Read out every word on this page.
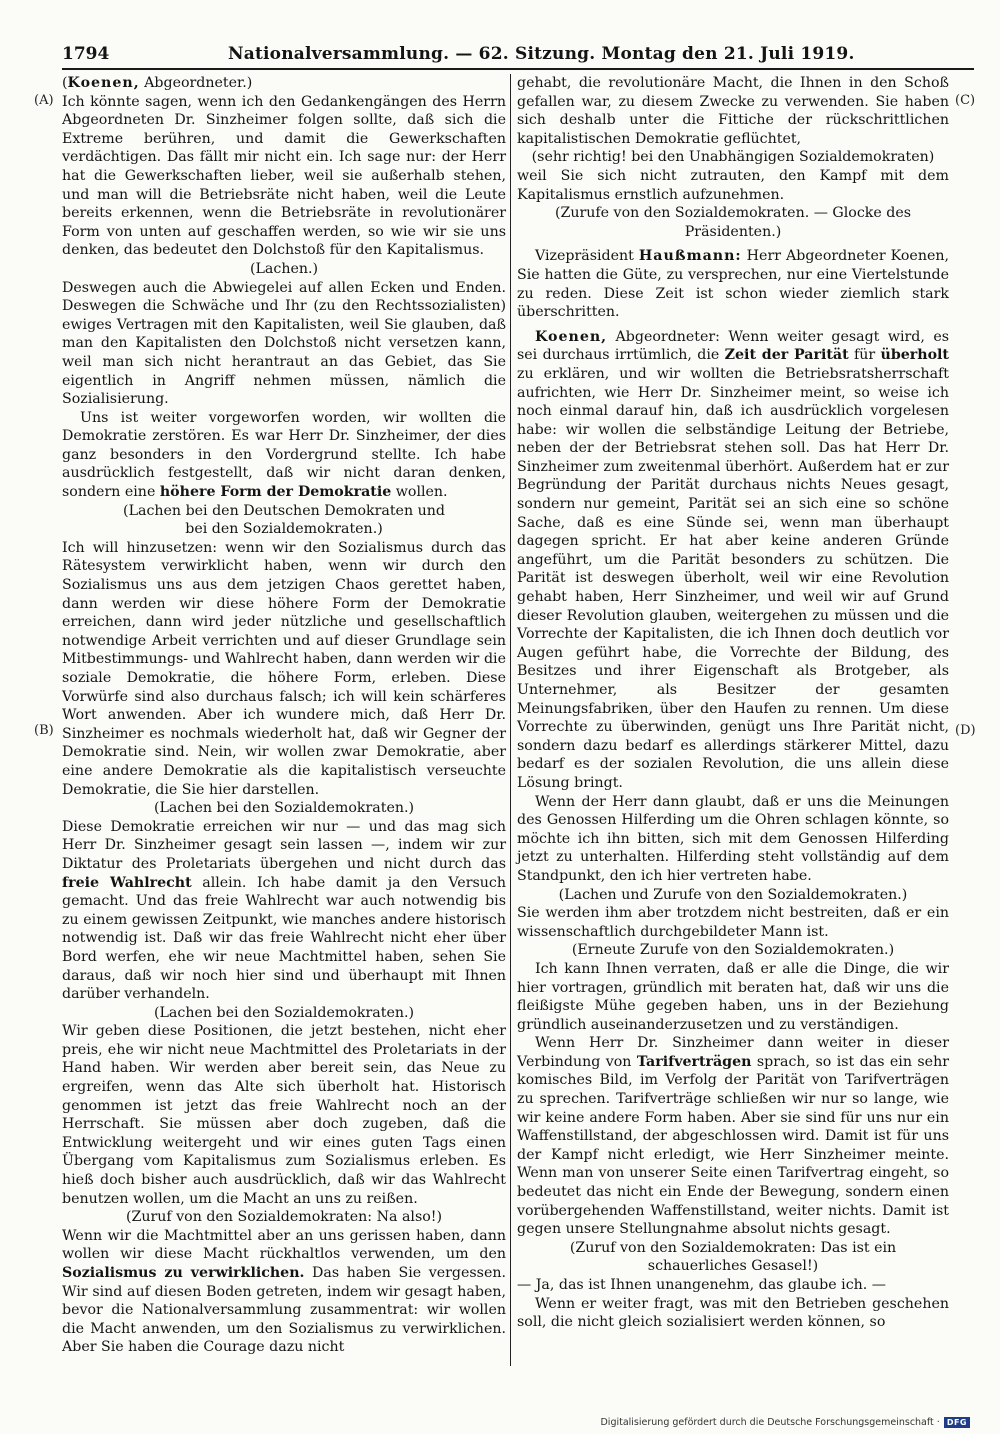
1794	Nationalversammlung. — 62. Sitzung. Montag den 21. Juli 1919.
(A)
(B)
(C)
(D)

(Koenen, Abgeordneter.)

Ich könnte sagen, wenn ich den Gedankengängen des Herrn Abgeordneten Dr. Sinzheimer folgen sollte, daß sich die Extreme berühren, und damit die Gewerkschaften verdächtigen. Das fällt mir nicht ein. Ich sage nur: der Herr hat die Gewerkschaften lieber, weil sie außerhalb stehen, und man will die Betriebsräte nicht haben, weil die Leute bereits erkennen, wenn die Betriebsräte in revolutionärer Form von unten auf geschaffen werden, so wie wir sie uns denken, das bedeutet den Dolchstoß für den Kapitalismus.

(Lachen.)

Deswegen auch die Abwiegelei auf allen Ecken und Enden. Deswegen die Schwäche und Ihr (zu den Rechtssozialisten) ewiges Vertragen mit den Kapitalisten, weil Sie glauben, daß man den Kapitalisten den Dolchstoß nicht versetzen kann, weil man sich nicht herantraut an das Gebiet, das Sie eigentlich in Angriff nehmen müssen, nämlich die Sozialisierung.

Uns ist weiter vorgeworfen worden, wir wollten die Demokratie zerstören. Es war Herr Dr. Sinzheimer, der dies ganz besonders in den Vordergrund stellte. Ich habe ausdrücklich festgestellt, daß wir nicht daran denken, sondern eine höhere Form der Demokratie wollen.

(Lachen bei den Deutschen Demokraten und

bei den Sozialdemokraten.)

Ich will hinzusetzen: wenn wir den Sozialismus durch das Rätesystem verwirklicht haben, wenn wir durch den Sozialismus uns aus dem jetzigen Chaos gerettet haben, dann werden wir diese höhere Form der Demokratie erreichen, dann wird jeder nützliche und gesellschaftlich notwendige Arbeit verrichten und auf dieser Grundlage sein Mitbestimmungs- und Wahlrecht haben, dann werden wir die soziale Demokratie, die höhere Form, erleben. Diese Vorwürfe sind also durchaus falsch; ich will kein schärferes Wort anwenden. Aber ich wundere mich, daß Herr Dr. Sinzheimer es nochmals wiederholt hat, daß wir Gegner der Demokratie sind. Nein, wir wollen zwar Demokratie, aber eine andere Demokratie als die kapitalistisch verseuchte Demokratie, die Sie hier darstellen.

(Lachen bei den Sozialdemokraten.)

Diese Demokratie erreichen wir nur — und das mag sich Herr Dr. Sinzheimer gesagt sein lassen —, indem wir zur Diktatur des Proletariats übergehen und nicht durch das freie Wahlrecht allein. Ich habe damit ja den Versuch gemacht. Und das freie Wahlrecht war auch notwendig bis zu einem gewissen Zeitpunkt, wie manches andere historisch notwendig ist. Daß wir das freie Wahlrecht nicht eher über Bord werfen, ehe wir neue Machtmittel haben, sehen Sie daraus, daß wir noch hier sind und überhaupt mit Ihnen darüber verhandeln.

(Lachen bei den Sozialdemokraten.)

Wir geben diese Positionen, die jetzt bestehen, nicht eher preis, ehe wir nicht neue Machtmittel des Proletariats in der Hand haben. Wir werden aber bereit sein, das Neue zu ergreifen, wenn das Alte sich überholt hat. Historisch genommen ist jetzt das freie Wahlrecht noch an der Herrschaft. Sie müssen aber doch zugeben, daß die Entwicklung weitergeht und wir eines guten Tags einen Übergang vom Kapitalismus zum Sozialismus erleben. Es hieß doch bisher auch ausdrücklich, daß wir das Wahlrecht benutzen wollen, um die Macht an uns zu reißen.

(Zuruf von den Sozialdemokraten: Na also!)

Wenn wir die Machtmittel aber an uns gerissen haben, dann wollen wir diese Macht rückhaltlos verwenden, um den Sozialismus zu verwirklichen. Das haben Sie vergessen. Wir sind auf diesen Boden getreten, indem wir gesagt haben, bevor die Nationalversammlung zusammentrat: wir wollen die Macht anwenden, um den Sozialismus zu verwirklichen. Aber Sie haben die Courage dazu nicht

gehabt, die revolutionäre Macht, die Ihnen in den Schoß gefallen war, zu diesem Zwecke zu verwenden. Sie haben sich deshalb unter die Fittiche der rückschrittlichen kapitalistischen Demokratie geflüchtet,

(sehr richtig! bei den Unabhängigen Sozialdemokraten)

weil Sie sich nicht zutrauten, den Kampf mit dem Kapitalismus ernstlich aufzunehmen.

(Zurufe von den Sozialdemokraten. — Glocke des

Präsidenten.)

Vizepräsident Haußmann: Herr Abgeordneter Koenen, Sie hatten die Güte, zu versprechen, nur eine Viertelstunde zu reden. Diese Zeit ist schon wieder ziemlich stark überschritten.

Koenen, Abgeordneter: Wenn weiter gesagt wird, es sei durchaus irrtümlich, die Zeit der Parität für überholt zu erklären, und wir wollten die Betriebsratsherrschaft aufrichten, wie Herr Dr. Sinzheimer meint, so weise ich noch einmal darauf hin, daß ich ausdrücklich vorgelesen habe: wir wollen die selbständige Leitung der Betriebe, neben der der Betriebsrat stehen soll. Das hat Herr Dr. Sinzheimer zum zweitenmal überhört. Außerdem hat er zur Begründung der Parität durchaus nichts Neues gesagt, sondern nur gemeint, Parität sei an sich eine so schöne Sache, daß es eine Sünde sei, wenn man überhaupt dagegen spricht. Er hat aber keine anderen Gründe angeführt, um die Parität besonders zu schützen. Die Parität ist deswegen überholt, weil wir eine Revolution gehabt haben, Herr Sinzheimer, und weil wir auf Grund dieser Revolution glauben, weitergehen zu müssen und die Vorrechte der Kapitalisten, die ich Ihnen doch deutlich vor Augen geführt habe, die Vorrechte der Bildung, des Besitzes und ihrer Eigenschaft als Brotgeber, als Unternehmer, als Besitzer der gesamten Meinungsfabriken, über den Haufen zu rennen. Um diese Vorrechte zu überwinden, genügt uns Ihre Parität nicht, sondern dazu bedarf es allerdings stärkerer Mittel, dazu bedarf es der sozialen Revolution, die uns allein diese Lösung bringt.

Wenn der Herr dann glaubt, daß er uns die Meinungen des Genossen Hilferding um die Ohren schlagen könnte, so möchte ich ihn bitten, sich mit dem Genossen Hilferding jetzt zu unterhalten. Hilferding steht vollständig auf dem Standpunkt, den ich hier vertreten habe.

(Lachen und Zurufe von den Sozialdemokraten.)

Sie werden ihm aber trotzdem nicht bestreiten, daß er ein wissenschaftlich durchgebildeter Mann ist.

(Erneute Zurufe von den Sozialdemokraten.)

Ich kann Ihnen verraten, daß er alle die Dinge, die wir hier vortragen, gründlich mit beraten hat, daß wir uns die fleißigste Mühe gegeben haben, uns in der Beziehung gründlich auseinanderzusetzen und zu verständigen.

Wenn Herr Dr. Sinzheimer dann weiter in dieser Verbindung von Tarifverträgen sprach, so ist das ein sehr komisches Bild, im Verfolg der Parität von Tarifverträgen zu sprechen. Tarifverträge schließen wir nur so lange, wie wir keine andere Form haben. Aber sie sind für uns nur ein Waffenstillstand, der abgeschlossen wird. Damit ist für uns der Kampf nicht erledigt, wie Herr Sinzheimer meinte. Wenn man von unserer Seite einen Tarifvertrag eingeht, so bedeutet das nicht ein Ende der Bewegung, sondern einen vorübergehenden Waffenstillstand, weiter nichts. Damit ist gegen unsere Stellungnahme absolut nichts gesagt.

(Zuruf von den Sozialdemokraten: Das ist ein

schauerliches Gesasel!)

— Ja, das ist Ihnen unangenehm, das glaube ich. —

Wenn er weiter fragt, was mit den Betrieben geschehen soll, die nicht gleich sozialisiert werden können, so

Digitalisierung gefördert durch die Deutsche Forschungsgemeinschaft · DFG
